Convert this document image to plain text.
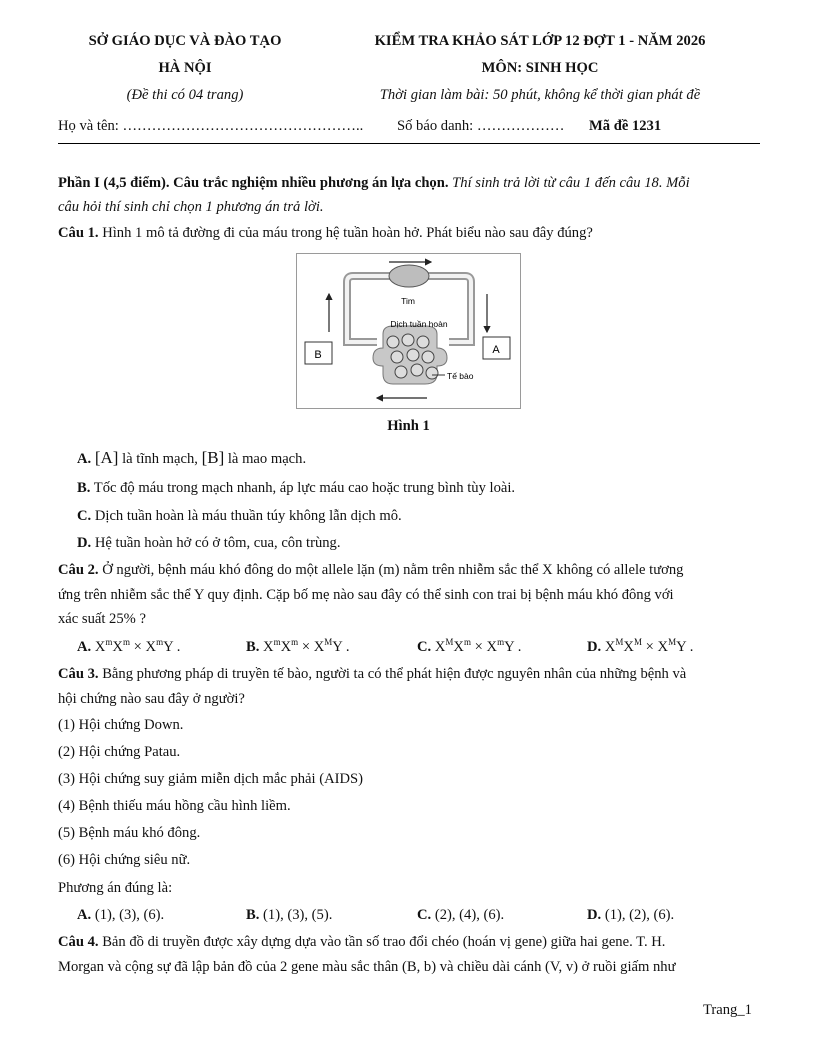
SỞ GIÁO DỤC VÀ ĐÀO TẠO
HÀ NỘI
(Đề thi có 04 trang)
KIỂM TRA KHẢO SÁT LỚP 12 ĐỢT 1 - NĂM 2026
MÔN: SINH HỌC
Thời gian làm bài: 50 phút, không kể thời gian phát đề
Họ và tên: ………………………………………….. Số báo danh: ……………… Mã đề 1231
Phần I (4,5 điểm). Câu trắc nghiệm nhiều phương án lựa chọn. Thí sinh trả lời từ câu 1 đến câu 18. Mỗi
câu hỏi thí sinh chỉ chọn 1 phương án trả lời.
Câu 1. Hình 1 mô tả đường đi của máu trong hệ tuần hoàn hở. Phát biểu nào sau đây đúng?
A
B
Tim
Dịch tuần hoàn
Tế bào
Hình 1
A. [A] là tĩnh mạch, [B] là mao mạch.
B. Tốc độ máu trong mạch nhanh, áp lực máu cao hoặc trung bình tùy loài.
C. Dịch tuần hoàn là máu thuần túy không lẫn dịch mô.
D. Hệ tuần hoàn hở có ở tôm, cua, côn trùng.
Câu 2. Ở người, bệnh máu khó đông do một allele lặn (m) nằm trên nhiễm sắc thể X không có allele tương
ứng trên nhiễm sắc thể Y quy định. Cặp bố mẹ nào sau đây có thể sinh con trai bị bệnh máu khó đông với
xác suất 25% ?
A. $X^mX^m \times X^mY$ .	B. $X^mX^m \times X^MY$ .	C. $X^MX^m \times X^mY$ .	D. $X^MX^M \times X^MY$ .
Câu 3. Bằng phương pháp di truyền tế bào, người ta có thể phát hiện được nguyên nhân của những bệnh và
hội chứng nào sau đây ở người?
(1) Hội chứng Down.
(2) Hội chứng Patau.
(3) Hội chứng suy giảm miễn dịch mắc phải (AIDS)
(4) Bệnh thiếu máu hồng cầu hình liềm.
(5) Bệnh máu khó đông.
(6) Hội chứng siêu nữ.
Phương án đúng là:
A. (1), (3), (6).	B. (1), (3), (5).	C. (2), (4), (6).	D. (1), (2), (6).
Câu 4. Bản đồ di truyền được xây dựng dựa vào tần số trao đổi chéo (hoán vị gene) giữa hai gene. T. H.
Morgan và cộng sự đã lập bản đồ của 2 gene màu sắc thân (B, b) và chiều dài cánh (V, v) ở ruồi giấm như
Trang_1
